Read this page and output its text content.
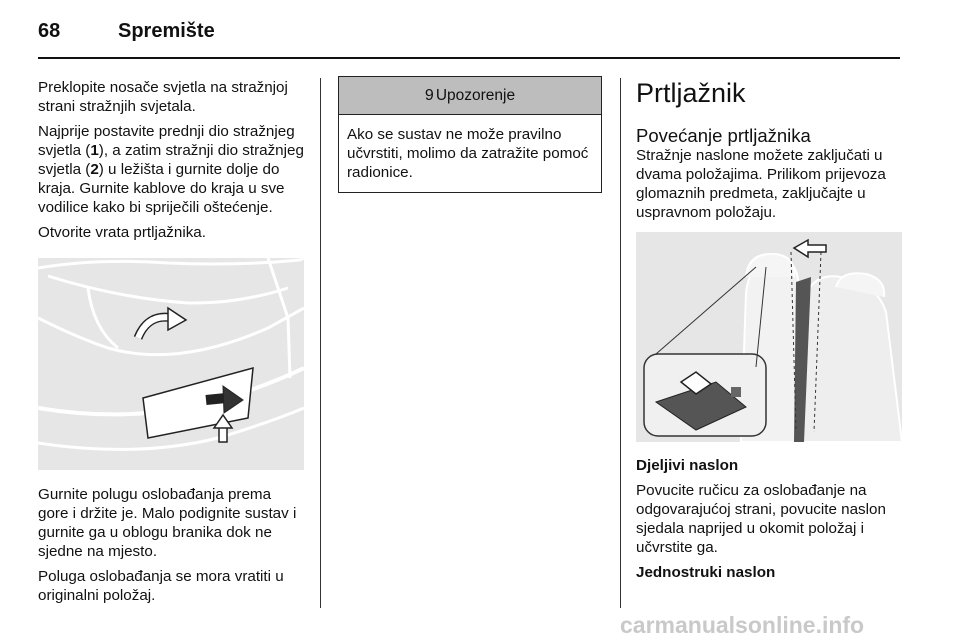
68	Spremište

Preklopite nosače svjetla na stražnjoj strani stražnjih svjetala.

Najprije postavite prednji dio stražnjeg svjetla (1), a zatim stražnji dio stražnjeg svjetla (2) u ležišta i gurnite dolje do kraja. Gurnite kablove do kraja u sve vodilice kako bi spriječili oštećenje.

Otvorite vrata prtljažnika.

Gurnite polugu oslobađanja prema gore i držite je. Malo podignite sustav i gurnite ga u oblogu branika dok ne sjedne na mjesto.

Poluga oslobađanja se mora vratiti u originalni položaj.

9 Upozorenje
Ako se sustav ne može pravilno učvrstiti, molimo da zatražite pomoć radionice.
Prtljažnik
Povećanje prtljažnika

Stražnje naslone možete zaključati u dvama položajima. Prilikom prijevoza glomaznih predmeta, zaključajte u uspravnom položaju.

Djeljivi naslon

Povucite ručicu za oslobađanje na odgovarajućoj strani, povucite naslon sjedala naprijed u okomit položaj i učvrstite ga.

Jednostruki naslon

carmanualsonline.info
